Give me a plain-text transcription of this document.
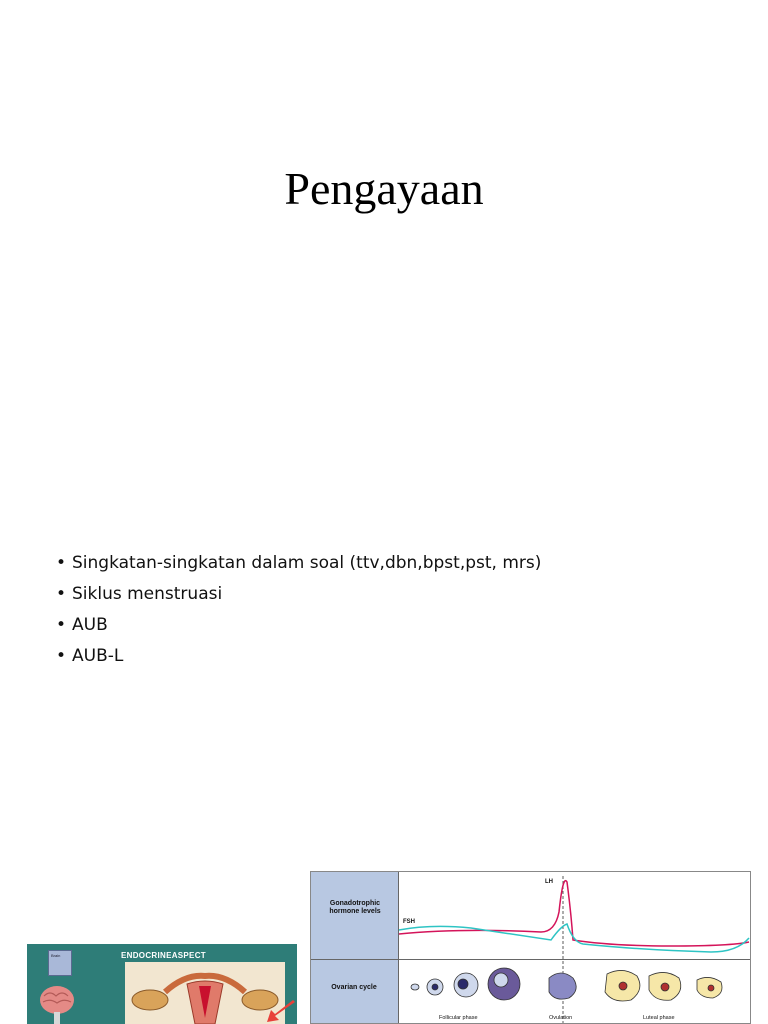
Pengayaan
• Singkatan-singkatan dalam soal (ttv,dbn,bpst,pst, mrs)
• Siklus menstruasi
• AUB
• AUB-L
ENDOCRINEASPECT
Brain
Gonadotrophic hormone levels
Ovarian cycle
LH
FSH
Follicular phase	Ovulation	Luteal phase
